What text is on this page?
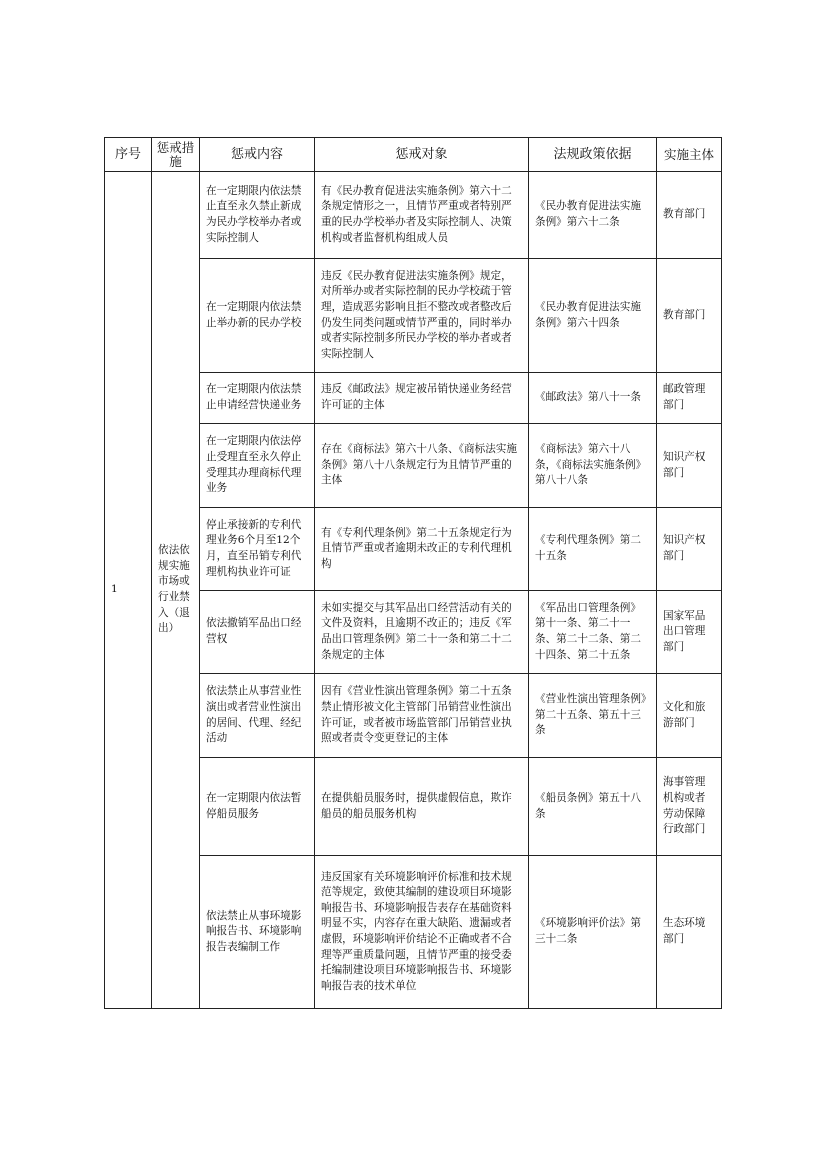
序号	惩戒措施	惩戒内容	惩戒对象	法规政策依据	实施主体
1	依法依规实施市场或行业禁入（退出）	在一定期限内依法禁止直至永久禁止新成为民办学校举办者或实际控制人	有《民办教育促进法实施条例》第六十二条规定情形之一，且情节严重或者特别严重的民办学校举办者及实际控制人、决策机构或者监督机构组成人员	《民办教育促进法实施条例》第六十二条	教育部门
		在一定期限内依法禁止举办新的民办学校	违反《民办教育促进法实施条例》规定，对所举办或者实际控制的民办学校疏于管理，造成恶劣影响且拒不整改或者整改后仍发生同类问题或情节严重的，同时举办或者实际控制多所民办学校的举办者或者实际控制人	《民办教育促进法实施条例》第六十四条	教育部门
		在一定期限内依法禁止申请经营快递业务	违反《邮政法》规定被吊销快递业务经营许可证的主体	《邮政法》第八十一条	邮政管理部门
		在一定期限内依法停止受理直至永久停止受理其办理商标代理业务	存在《商标法》第六十八条、《商标法实施条例》第八十八条规定行为且情节严重的主体	《商标法》第六十八条，《商标法实施条例》第八十八条	知识产权部门
		停止承接新的专利代理业务6个月至12个月，直至吊销专利代理机构执业许可证	有《专利代理条例》第二十五条规定行为且情节严重或者逾期未改正的专利代理机构	《专利代理条例》第二十五条	知识产权部门
		依法撤销军品出口经营权	未如实提交与其军品出口经营活动有关的文件及资料，且逾期不改正的；违反《军品出口管理条例》第二十一条和第二十二条规定的主体	《军品出口管理条例》第十一条、第二十一条、第二十二条、第二十四条、第二十五条	国家军品出口管理部门
		依法禁止从事营业性演出或者营业性演出的居间、代理、经纪活动	因有《营业性演出管理条例》第二十五条禁止情形被文化主管部门吊销营业性演出许可证，或者被市场监管部门吊销营业执照或者责令变更登记的主体	《营业性演出管理条例》第二十五条、第五十三条	文化和旅游部门
		在一定期限内依法暂停船员服务	在提供船员服务时，提供虚假信息，欺诈船员的船员服务机构	《船员条例》第五十八条	海事管理机构或者劳动保障行政部门
		依法禁止从事环境影响报告书、环境影响报告表编制工作	违反国家有关环境影响评价标准和技术规范等规定，致使其编制的建设项目环境影响报告书、环境影响报告表存在基础资料明显不实，内容存在重大缺陷、遗漏或者虚假，环境影响评价结论不正确或者不合理等严重质量问题，且情节严重的接受委托编制建设项目环境影响报告书、环境影响报告表的技术单位	《环境影响评价法》第三十二条	生态环境部门
